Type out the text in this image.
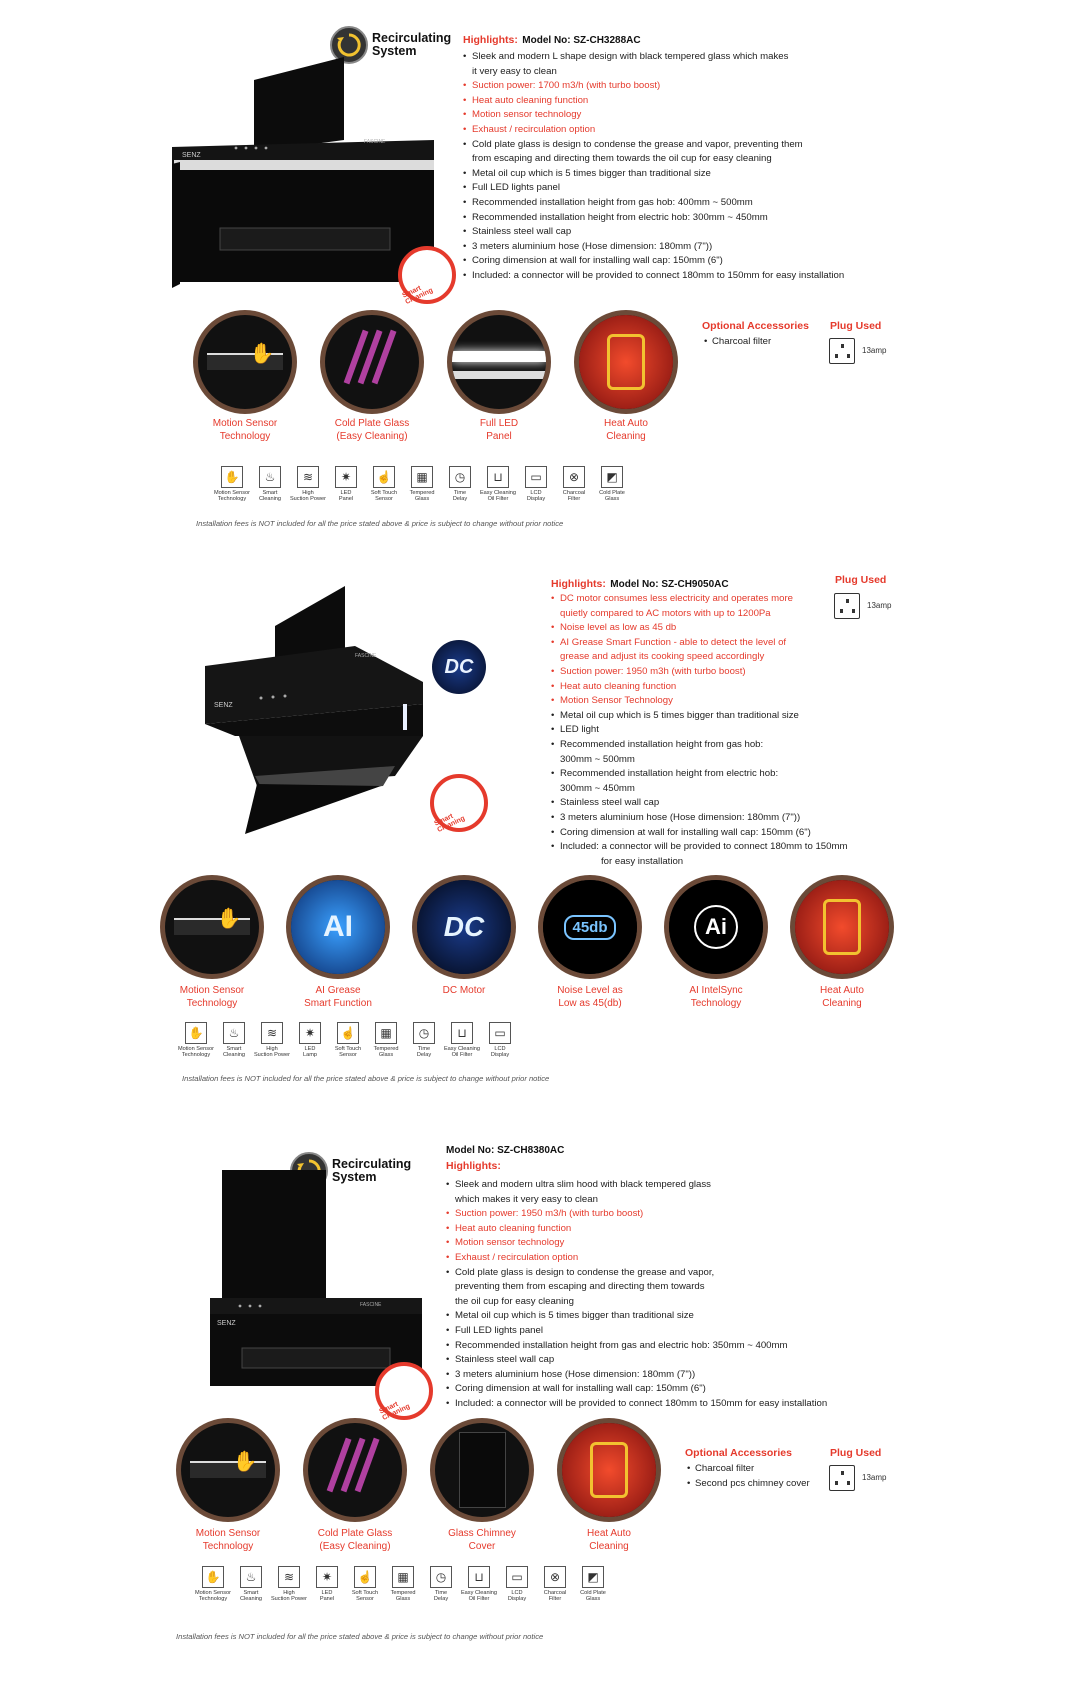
Recirculating
System
SENZ
FASCINE
Smart Cleaning
Highlights: Model No: SZ-CH3288AC
• Sleek and modern L shape design with black tempered glass which makes
it very easy to clean
• Suction power: 1700 m3/h (with turbo boost)
• Heat auto cleaning function
• Motion sensor technology
• Exhaust / recirculation option
• Cold plate glass is design to condense the grease and vapor, preventing them
from escaping and directing them towards the oil cup for easy cleaning
• Metal oil cup which is 5 times bigger than traditional size
• Full LED lights panel
• Recommended installation height from gas hob: 400mm ~ 500mm
• Recommended installation height from electric hob: 300mm ~ 450mm
• Stainless steel wall cap
• 3 meters aluminium hose (Hose dimension: 180mm (7"))
• Coring dimension at wall for installing wall cap: 150mm (6")
• Included: a connector will be provided to connect 180mm to 150mm for easy installation
✋
Motion Sensor
Technology
Cold Plate Glass
(Easy Cleaning)
Full LED
Panel
Heat Auto
Cleaning
Optional Accessories
• Charcoal filter
Plug Used
13amp
✋
Motion Sensor
Technology
♨
Smart
Cleaning
≋
High
Suction Power
✷
LED
Panel
☝
Soft Touch
Sensor
▦
Tempered
Glass
◷
Time
Delay
⊔
Easy Cleaning
Oil Filter
▭
LCD
Display
⊗
Charcoal
Filter
◩
Cold Plate
Glass
Installation fees is NOT included for all the price stated above & price is subject to change without prior notice
SENZ
FASCINE	DC
Smart Cleaning
Highlights: Model No: SZ-CH9050AC
• DC motor consumes less electricity and operates more
quietly compared to AC motors with up to 1200Pa
• Noise level as low as 45 db
• AI Grease Smart Function - able to detect the level of
grease and adjust its cooking speed accordingly
• Suction power: 1950 m3h (with turbo boost)
• Heat auto cleaning function
• Motion Sensor Technology
• Metal oil cup which is 5 times bigger than traditional size
• LED light
• Recommended installation height from gas hob:
300mm ~ 500mm
• Recommended installation height from electric hob:
300mm ~ 450mm
• Stainless steel wall cap
• 3 meters aluminium hose (Hose dimension: 180mm (7"))
• Coring dimension at wall for installing wall cap: 150mm (6")
• Included: a connector will be provided to connect 180mm to 150mm
for easy installation
Plug Used
13amp
✋
Motion Sensor
Technology
AI
AI Grease
Smart Function
DC
DC Motor
45db
Noise Level as
Low as 45(db)
Ai
AI IntelSync
Technology
Heat Auto
Cleaning
✋
Motion Sensor
Technology
♨
Smart
Cleaning
≋
High
Suction Power
✷
LED
Lamp
☝
Soft Touch
Sensor
▦
Tempered
Glass
◷
Time
Delay
⊔
Easy Cleaning
Oil Filter
▭
LCD
Display
Installation fees is NOT included for all the price stated above & price is subject to change without prior notice
Recirculating
System
SENZ
FASCINE
Smart Cleaning
Model No: SZ-CH8380AC
Highlights:
• Sleek and modern ultra slim hood with black tempered glass
which makes it very easy to clean
• Suction power: 1950 m3/h (with turbo boost)
• Heat auto cleaning function
• Motion sensor technology
• Exhaust / recirculation option
• Cold plate glass is design to condense the grease and vapor,
preventing them from escaping and directing them towards
the oil cup for easy cleaning
• Metal oil cup which is 5 times bigger than traditional size
• Full LED lights panel
• Recommended installation height from gas and electric hob: 350mm ~ 400mm
• Stainless steel wall cap
• 3 meters aluminium hose (Hose dimension: 180mm (7"))
• Coring dimension at wall for installing wall cap: 150mm (6")
• Included: a connector will be provided to connect 180mm to 150mm for easy installation
✋
Motion Sensor
Technology
Cold Plate Glass
(Easy Cleaning)
Glass Chimney
Cover
Heat Auto
Cleaning
Optional Accessories
• Charcoal filter
• Second pcs chimney cover
Plug Used
13amp
✋
Motion Sensor
Technology
♨
Smart
Cleaning
≋
High
Suction Power
✷
LED
Panel
☝
Soft Touch
Sensor
▦
Tempered
Glass
◷
Time
Delay
⊔
Easy Cleaning
Oil Filter
▭
LCD
Display
⊗
Charcoal
Filter
◩
Cold Plate
Glass
Installation fees is NOT included for all the price stated above & price is subject to change without prior notice
